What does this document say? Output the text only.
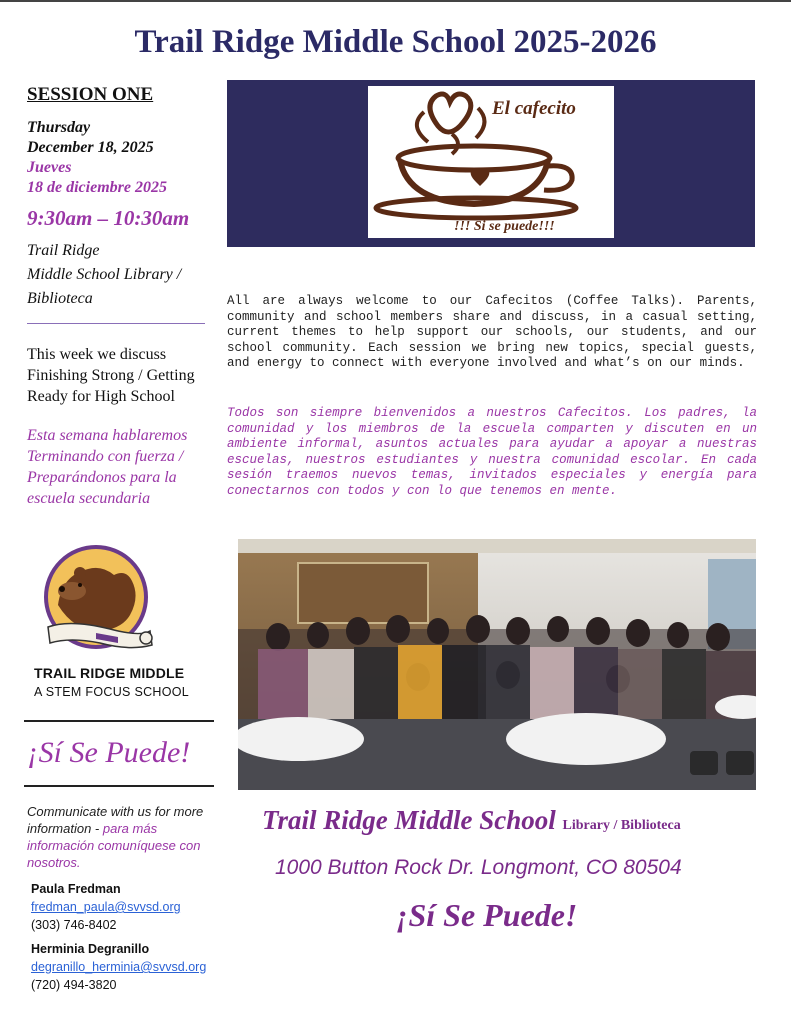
Trail Ridge Middle School 2025-2026
SESSION ONE
Thursday
December 18, 2025
Jueves
18 de diciembre 2025
9:30am – 10:30am
Trail Ridge
Middle School Library /
Biblioteca
This week we discuss Finishing Strong / Getting Ready for High School
Esta semana hablaremos Terminando con fuerza / Preparándonos para la escuela secundaria
TRAIL RIDGE MIDDLE
A STEM FOCUS SCHOOL
¡Sí Se Puede!
Communicate with us for more information - para más información comuníquese con nosotros.
Paula Fredman
fredman_paula@svvsd.org
(303) 746-8402
Herminia Degranillo
degranillo_herminia@svvsd.org
(720) 494-3820
El cafecito
!!! Si se puede!!!

All are always welcome to our Cafecitos (Coffee Talks). Parents, community and school members share and discuss, in a casual setting, current themes to help support our schools, our students, and our school community. Each session we bring new topics, special guests, and energy to connect with everyone involved and what’s on our minds.

Todos son siempre bienvenidos a nuestros Cafecitos. Los padres, la comunidad y los miembros de la escuela comparten y discuten en un ambiente informal, asuntos actuales para ayudar a apoyar a nuestras escuelas, nuestros estudiantes y nuestra comunidad escolar. En cada sesión traemos nuevos temas, invitados especiales y energía para conectarnos con todos y con lo que tenemos en mente.

Trail Ridge Middle School Library / Biblioteca
1000 Button Rock Dr. Longmont, CO 80504
¡Sí Se Puede!
